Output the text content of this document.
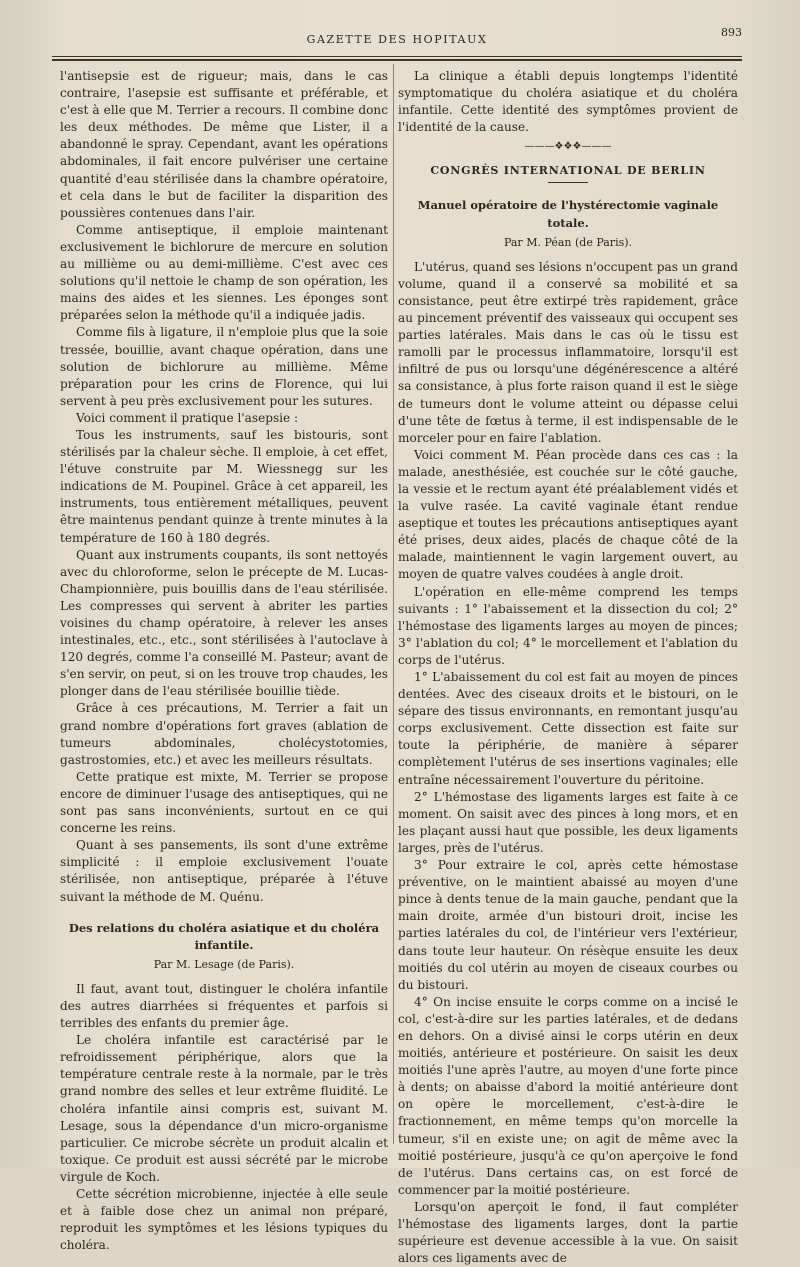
GAZETTE DES HOPITAUX
893

l'antisepsie est de rigueur; mais, dans le cas contraire, l'asepsie est suffisante et préférable, et c'est à elle que M. Terrier a recours. Il combine donc les deux méthodes. De même que Lister, il a abandonné le spray. Cependant, avant les opérations abdominales, il fait encore pulvériser une certaine quantité d'eau stérilisée dans la chambre opératoire, et cela dans le but de faciliter la disparition des poussières contenues dans l'air.

Comme antiseptique, il emploie maintenant exclusivement le bichlorure de mercure en solution au millième ou au demi-millième. C'est avec ces solutions qu'il nettoie le champ de son opération, les mains des aides et les siennes. Les éponges sont préparées selon la méthode qu'il a indiquée jadis.

Comme fils à ligature, il n'emploie plus que la soie tressée, bouillie, avant chaque opération, dans une solution de bichlorure au millième. Même préparation pour les crins de Florence, qui lui servent à peu près exclusivement pour les sutures.

Voici comment il pratique l'asepsie :

Tous les instruments, sauf les bistouris, sont stérilisés par la chaleur sèche. Il emploie, à cet effet, l'étuve construite par M. Wiessnegg sur les indications de M. Poupinel. Grâce à cet appareil, les instruments, tous entièrement métalliques, peuvent être maintenus pendant quinze à trente minutes à la température de 160 à 180 degrés.

Quant aux instruments coupants, ils sont nettoyés avec du chloroforme, selon le précepte de M. Lucas-Championnière, puis bouillis dans de l'eau stérilisée. Les compresses qui servent à abriter les parties voisines du champ opératoire, à relever les anses intestinales, etc., etc., sont stérilisées à l'autoclave à 120 degrés, comme l'a conseillé M. Pasteur; avant de s'en servir, on peut, si on les trouve trop chaudes, les plonger dans de l'eau stérilisée bouillie tiède.

Grâce à ces précautions, M. Terrier a fait un grand nombre d'opérations fort graves (ablation de tumeurs abdominales, cholécystotomies, gastrostomies, etc.) et avec les meilleurs résultats.

Cette pratique est mixte, M. Terrier se propose encore de diminuer l'usage des antiseptiques, qui ne sont pas sans inconvénients, surtout en ce qui concerne les reins.

Quant à ses pansements, ils sont d'une extrême simplicité : il emploie exclusivement l'ouate stérilisée, non antiseptique, préparée à l'étuve suivant la méthode de M. Quénu.

Des relations du choléra asiatique et du choléra infantile.
Par M. Lesage (de Paris).

Il faut, avant tout, distinguer le choléra infantile des autres diarrhées si fréquentes et parfois si terribles des enfants du premier âge.

Le choléra infantile est caractérisé par le refroidissement périphérique, alors que la température centrale reste à la normale, par le très grand nombre des selles et leur extrême fluidité. Le choléra infantile ainsi compris est, suivant M. Lesage, sous la dépendance d'un micro-organisme particulier. Ce microbe sécrète un produit alcalin et toxique. Ce produit est aussi sécrété par le microbe virgule de Koch.

Cette sécrétion microbienne, injectée à elle seule et à faible dose chez un animal non préparé, reproduit les symptômes et les lésions typiques du choléra.

La clinique a établi depuis longtemps l'identité symptomatique du choléra asiatique et du choléra infantile. Cette identité des symptômes provient de l'identité de la cause.

———❖❖❖———
CONGRÈS INTERNATIONAL DE BERLIN
Manuel opératoire de l'hystérectomie vaginale totale.
Par M. Péan (de Paris).

L'utérus, quand ses lésions n'occupent pas un grand volume, quand il a conservé sa mobilité et sa consistance, peut être extirpé très rapidement, grâce au pincement préventif des vaisseaux qui occupent ses parties latérales. Mais dans le cas où le tissu est ramolli par le processus inflammatoire, lorsqu'il est infiltré de pus ou lorsqu'une dégénérescence a altéré sa consistance, à plus forte raison quand il est le siège de tumeurs dont le volume atteint ou dépasse celui d'une tête de fœtus à terme, il est indispensable de le morceler pour en faire l'ablation.

Voici comment M. Péan procède dans ces cas : la malade, anesthésiée, est couchée sur le côté gauche, la vessie et le rectum ayant été préalablement vidés et la vulve rasée. La cavité vaginale étant rendue aseptique et toutes les précautions antiseptiques ayant été prises, deux aides, placés de chaque côté de la malade, maintiennent le vagin largement ouvert, au moyen de quatre valves coudées à angle droit.

L'opération en elle-même comprend les temps suivants : 1° l'abaissement et la dissection du col; 2° l'hémostase des ligaments larges au moyen de pinces; 3° l'ablation du col; 4° le morcellement et l'ablation du corps de l'utérus.

1° L'abaissement du col est fait au moyen de pinces dentées. Avec des ciseaux droits et le bistouri, on le sépare des tissus environnants, en remontant jusqu'au corps exclusivement. Cette dissection est faite sur toute la périphérie, de manière à séparer complètement l'utérus de ses insertions vaginales; elle entraîne nécessairement l'ouverture du péritoine.

2° L'hémostase des ligaments larges est faite à ce moment. On saisit avec des pinces à long mors, et en les plaçant aussi haut que possible, les deux ligaments larges, près de l'utérus.

3° Pour extraire le col, après cette hémostase préventive, on le maintient abaissé au moyen d'une pince à dents tenue de la main gauche, pendant que la main droite, armée d'un bistouri droit, incise les parties latérales du col, de l'intérieur vers l'extérieur, dans toute leur hauteur. On résèque ensuite les deux moitiés du col utérin au moyen de ciseaux courbes ou du bistouri.

4° On incise ensuite le corps comme on a incisé le col, c'est-à-dire sur les parties latérales, et de dedans en dehors. On a divisé ainsi le corps utérin en deux moitiés, antérieure et postérieure. On saisit les deux moitiés l'une après l'autre, au moyen d'une forte pince à dents; on abaisse d'abord la moitié antérieure dont on opère le morcellement, c'est-à-dire le fractionnement, en même temps qu'on morcelle la tumeur, s'il en existe une; on agit de même avec la moitié postérieure, jusqu'à ce qu'on aperçoive le fond de l'utérus. Dans certains cas, on est forcé de commencer par la moitié postérieure.

Lorsqu'on aperçoit le fond, il faut compléter l'hémostase des ligaments larges, dont la partie supérieure est devenue accessible à la vue. On saisit alors ces ligaments avec de
